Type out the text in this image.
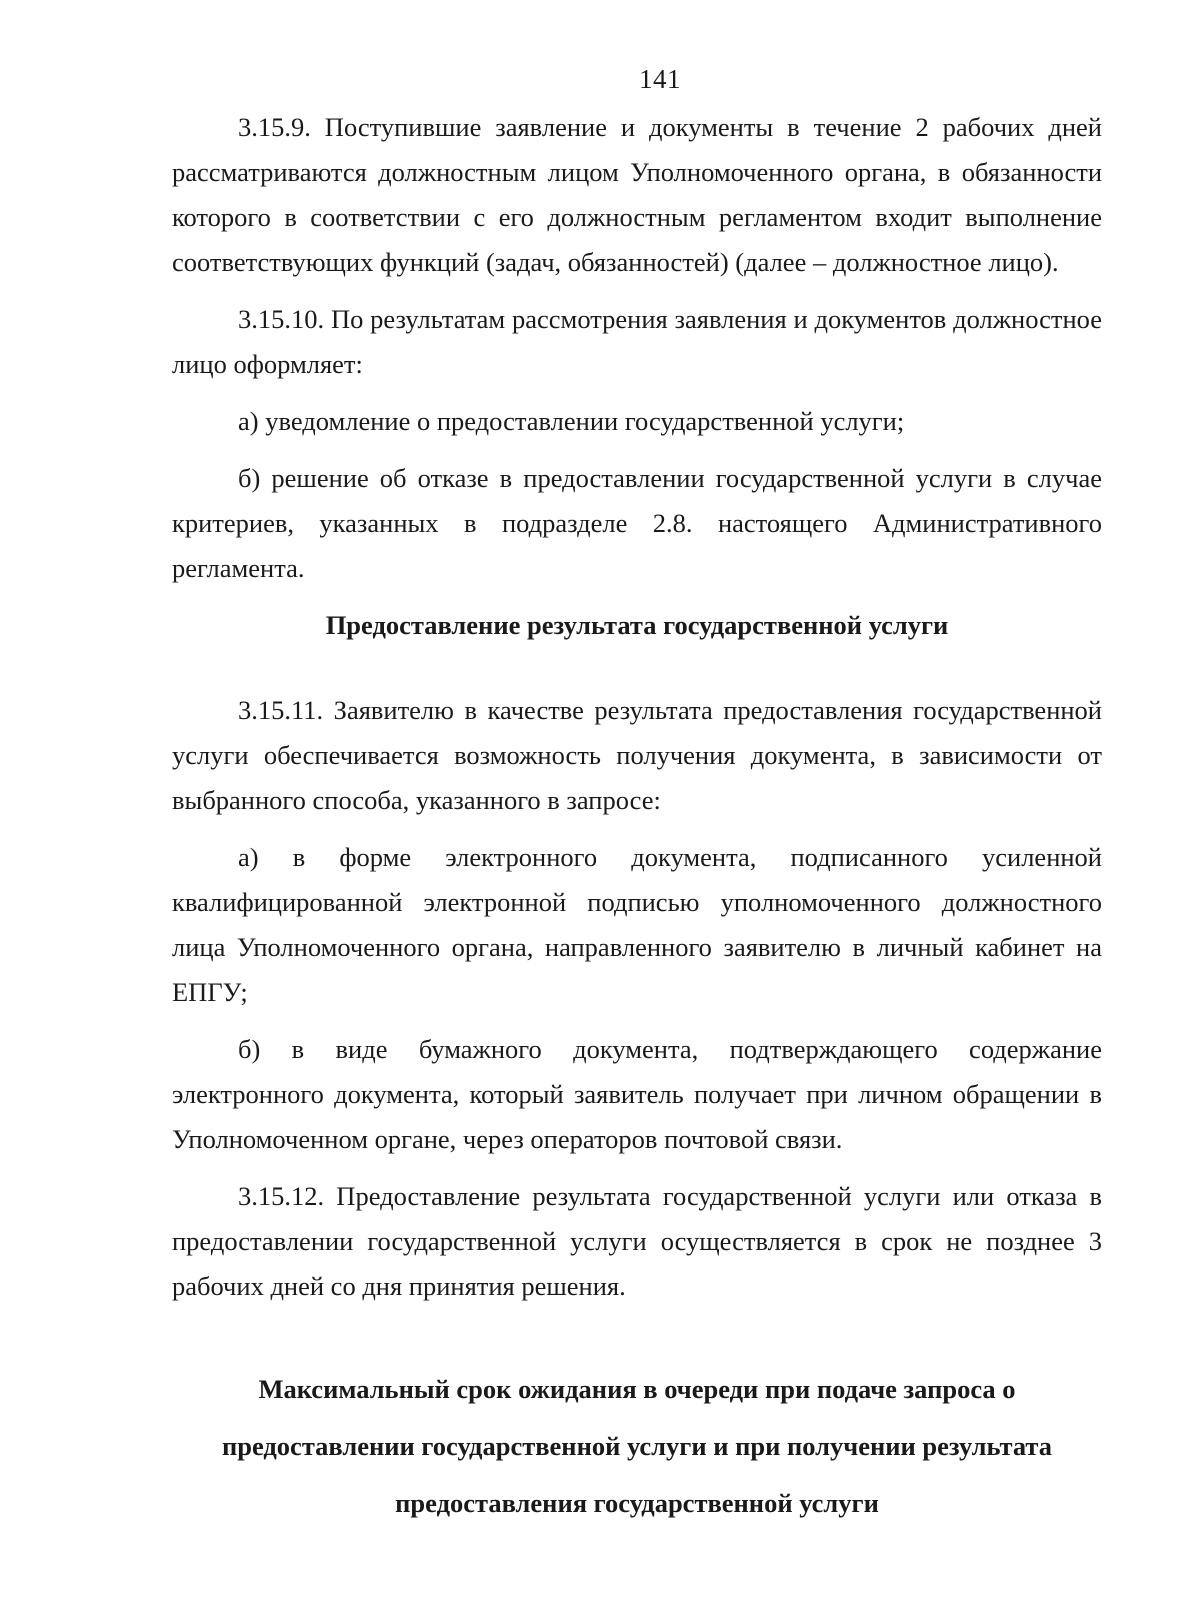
141

3.15.9. Поступившие заявление и документы в течение 2 рабочих дней рассматриваются должностным лицом Уполномоченного органа, в обязанности которого в соответствии с его должностным регламентом входит выполнение соответствующих функций (задач, обязанностей) (далее – должностное лицо).

3.15.10. По результатам рассмотрения заявления и документов должностное лицо оформляет:

а) уведомление о предоставлении государственной услуги;

б) решение об отказе в предоставлении государственной услуги в случае критериев, указанных в подразделе 2.8. настоящего Административного регламента.

Предоставление результата государственной услуги

3.15.11. Заявителю в качестве результата предоставления государственной услуги обеспечивается возможность получения документа, в зависимости от выбранного способа, указанного в запросе:

а) в форме электронного документа, подписанного усиленной квалифицированной электронной подписью уполномоченного должностного лица Уполномоченного органа, направленного заявителю в личный кабинет на ЕПГУ;

б) в виде бумажного документа, подтверждающего содержание электронного документа, который заявитель получает при личном обращении в Уполномоченном органе, через операторов почтовой связи.

3.15.12. Предоставление результата государственной услуги или отказа в предоставлении государственной услуги осуществляется в срок не позднее 3 рабочих дней со дня принятия решения.

Максимальный срок ожидания в очереди при подаче запроса о

предоставлении государственной услуги и при получении результата

предоставления государственной услуги
